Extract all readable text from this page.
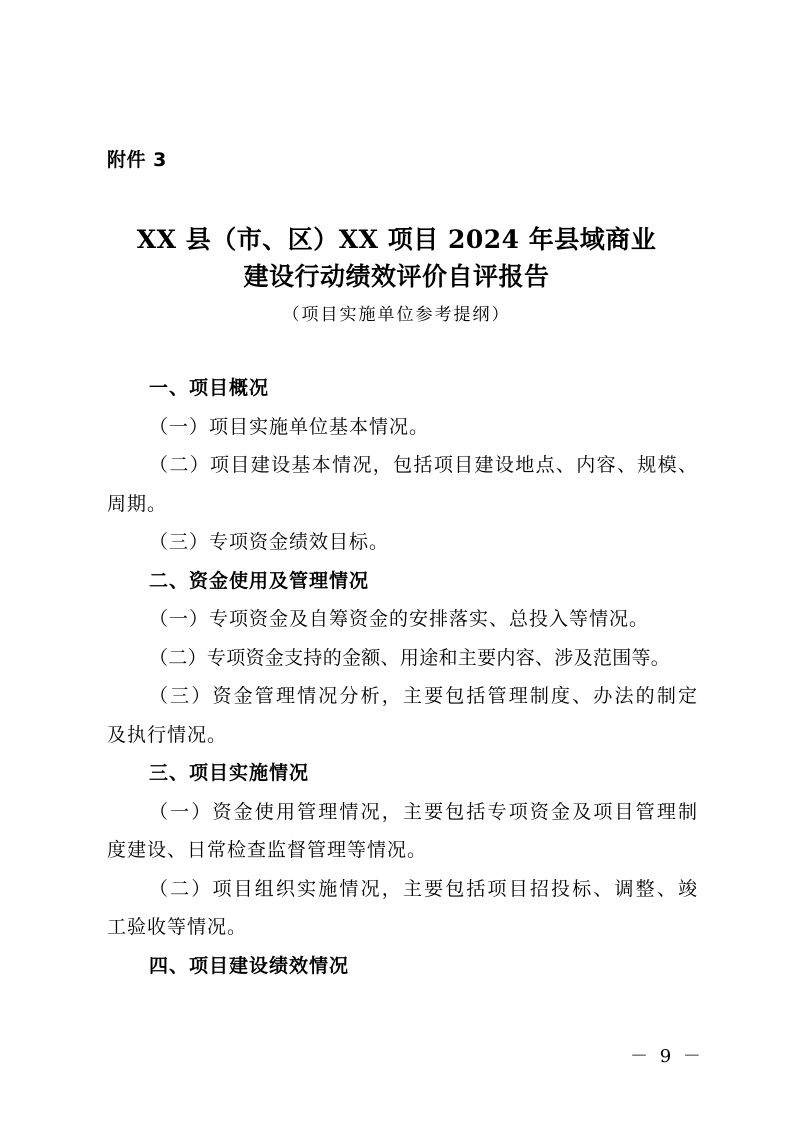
附件 3
XX 县（市、区）XX 项目 2024 年县域商业
建设行动绩效评价自评报告
（项目实施单位参考提纲）
一、项目概况
（一）项目实施单位基本情况。
（二）项目建设基本情况，包括项目建设地点、内容、规模、
周期。
（三）专项资金绩效目标。
二、资金使用及管理情况
（一）专项资金及自筹资金的安排落实、总投入等情况。
（二）专项资金支持的金额、用途和主要内容、涉及范围等。
（三）资金管理情况分析，主要包括管理制度、办法的制定
及执行情况。
三、项目实施情况
（一）资金使用管理情况，主要包括专项资金及项目管理制
度建设、日常检查监督管理等情况。
（二）项目组织实施情况，主要包括项目招投标、调整、竣
工验收等情况。
四、项目建设绩效情况
－ 9 －
